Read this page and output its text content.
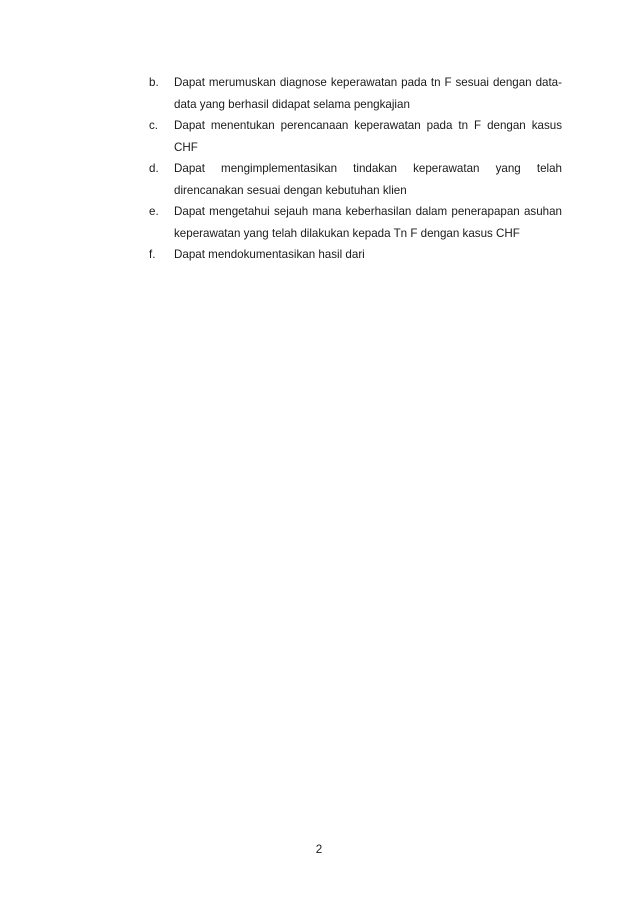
b.	Dapat merumuskan diagnose keperawatan pada tn F sesuai dengan data-data yang berhasil didapat selama pengkajian
c.	Dapat menentukan perencanaan keperawatan pada tn F dengan kasus CHF
d.	Dapat mengimplementasikan tindakan keperawatan yang telah direncanakan sesuai dengan kebutuhan klien
e.	Dapat mengetahui sejauh mana keberhasilan dalam penerapapan asuhan keperawatan yang telah dilakukan kepada Tn F dengan kasus CHF
f.	Dapat mendokumentasikan hasil dari
2
